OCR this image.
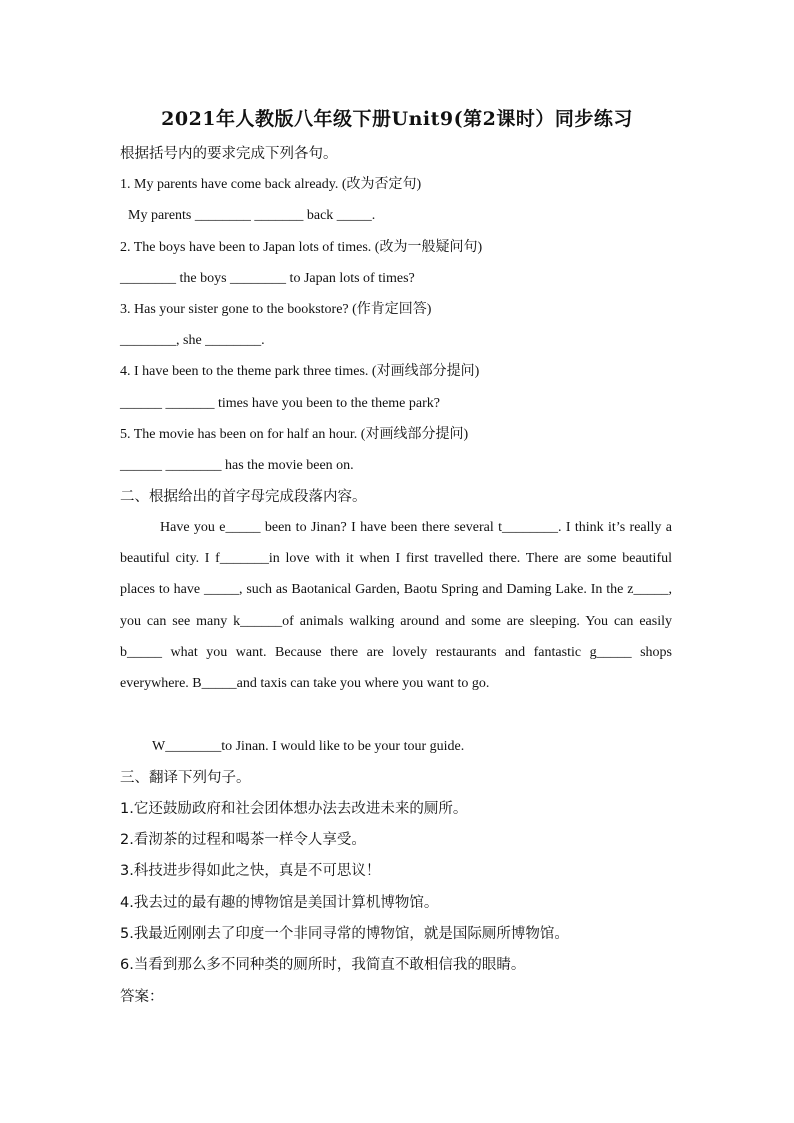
2021年人教版八年级下册Unit9(第2课时）同步练习
根据括号内的要求完成下列各句。
1. My parents have come back already. (改为否定句)
My parents ________ _______ back _____.
2. The boys have been to Japan lots of times. (改为一般疑问句)
________ the boys ________ to Japan lots of times?
3. Has your sister gone to the bookstore? (作肯定回答)
________, she ________.
4. I have been to the theme park three times. (对画线部分提问)
______ _______ times have you been to the theme park?
5. The movie has been on for half an hour. (对画线部分提问)
______ ________ has the movie been on.
二、根据给出的首字母完成段落内容。
Have you e_____ been to Jinan? I have been there several t________. I think it’s really a beautiful city. I f_______in love with it when I first travelled there. There are some beautiful places to have _____, such as Baotanical Garden, Baotu Spring and Daming Lake. In the z_____, you can see many k______of animals walking around and some are sleeping. You can easily b_____ what you want. Because there are lovely restaurants and fantastic g_____ shops everywhere. B_____and taxis can take you where you want to go.
W________to Jinan. I would like to be your tour guide.
三、翻译下列句子。
1.它还鼓励政府和社会团体想办法去改进未来的厕所。
2.看沏茶的过程和喝茶一样令人享受。
3.科技进步得如此之快，真是不可思议！
4.我去过的最有趣的博物馆是美国计算机博物馆。
5.我最近刚刚去了印度一个非同寻常的博物馆，就是国际厕所博物馆。
6.当看到那么多不同种类的厕所时，我简直不敢相信我的眼睛。
答案：
